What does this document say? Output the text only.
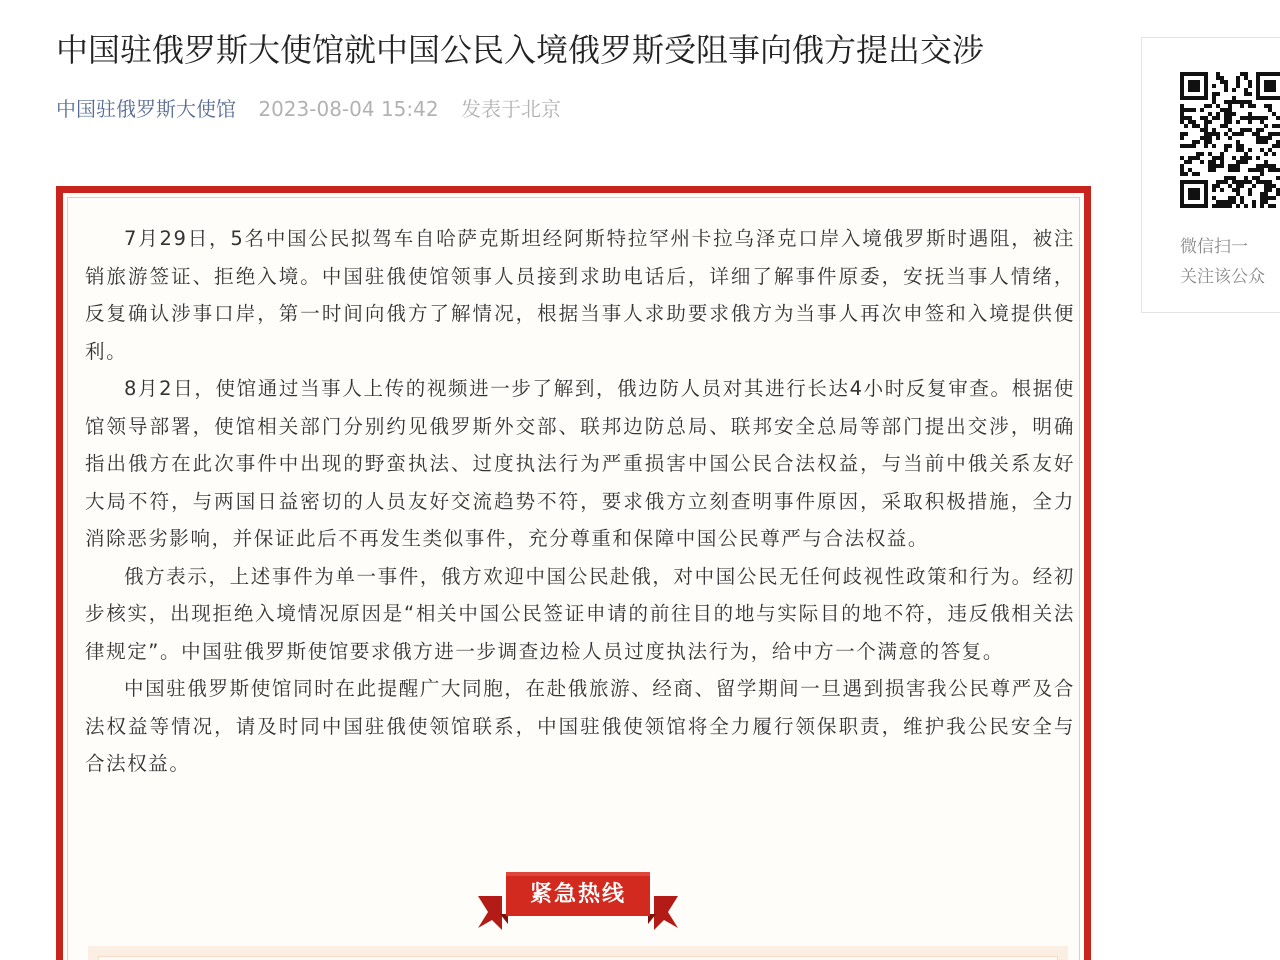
中国驻俄罗斯大使馆就中国公民入境俄罗斯受阻事向俄方提出交涉
中国驻俄罗斯大使馆 2023-08-04 15:42 发表于北京

7月29日，5名中国公民拟驾车自哈萨克斯坦经阿斯特拉罕州卡拉乌泽克口岸入境俄罗斯时遇阻，被注销旅游签证、拒绝入境。中国驻俄使馆领事人员接到求助电话后，详细了解事件原委，安抚当事人情绪，反复确认涉事口岸，第一时间向俄方了解情况，根据当事人求助要求俄方为当事人再次申签和入境提供便利。

8月2日，使馆通过当事人上传的视频进一步了解到，俄边防人员对其进行长达4小时反复审查。根据使馆领导部署，使馆相关部门分别约见俄罗斯外交部、联邦边防总局、联邦安全总局等部门提出交涉，明确指出俄方在此次事件中出现的野蛮执法、过度执法行为严重损害中国公民合法权益，与当前中俄关系友好大局不符，与两国日益密切的人员友好交流趋势不符，要求俄方立刻查明事件原因，采取积极措施，全力消除恶劣影响，并保证此后不再发生类似事件，充分尊重和保障中国公民尊严与合法权益。

俄方表示，上述事件为单一事件，俄方欢迎中国公民赴俄，对中国公民无任何歧视性政策和行为。经初步核实，出现拒绝入境情况原因是“相关中国公民签证申请的前往目的地与实际目的地不符，违反俄相关法律规定”。中国驻俄罗斯使馆要求俄方进一步调查边检人员过度执法行为，给中方一个满意的答复。

中国驻俄罗斯使馆同时在此提醒广大同胞，在赴俄旅游、经商、留学期间一旦遇到损害我公民尊严及合法权益等情况，请及时同中国驻俄使领馆联系，中国驻俄使领馆将全力履行领保职责，维护我公民安全与合法权益。

紧急热线
微信扫一
关注该公众
